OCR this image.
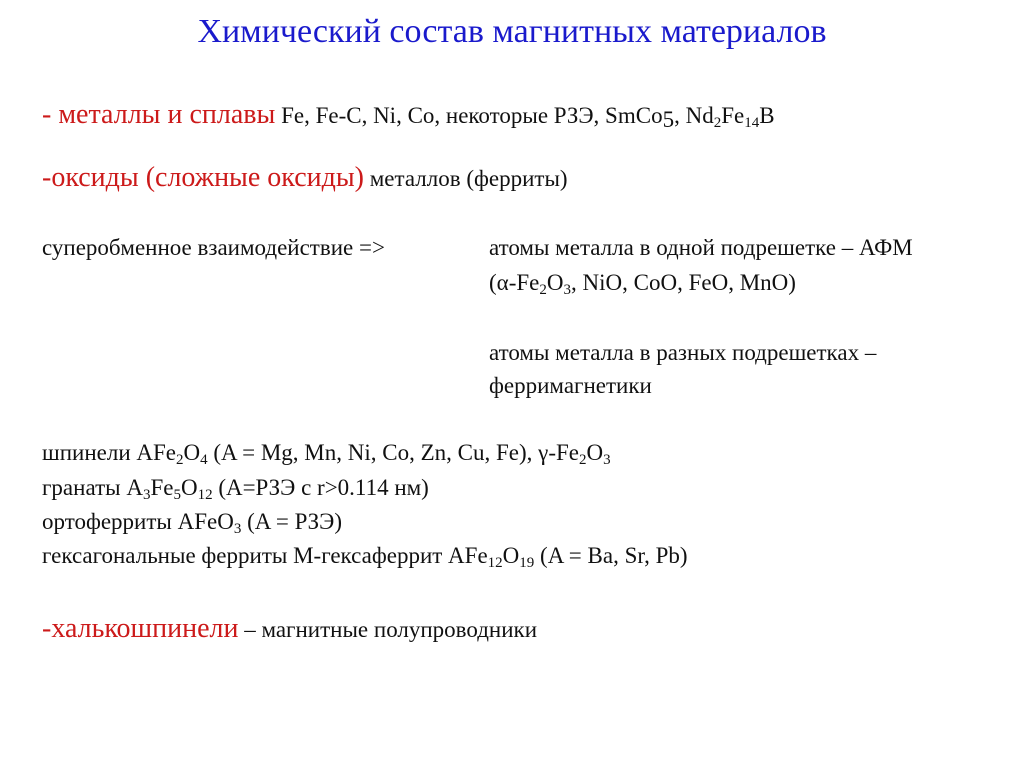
Химический состав магнитных материалов
- металлы и сплавы Fe, Fe-C, Ni, Co, некоторые РЗЭ, SmCo$_5$, $Nd_2Fe_{14}B$
-оксиды (сложные оксиды) металлов (ферриты)
суперобменное взаимодействие =>	атомы металла в одной подрешетке – АФМ
($\alpha-Fe_2O_3$, NiO, CoO, FeO, MnO)
атомы металла в разных подрешетках –
ферримагнетики
шпинели $AFe_2O_4$ (A = Mg, Mn, Ni, Co, Zn, Cu, Fe), $\gamma-Fe_2O_3$
гранаты $A_3Fe_5O_{12}$ (A=РЗЭ с r>0.114 нм)
ортоферриты AFeO$_3$ (A = РЗЭ)
гексагональные ферриты М-гексаферрит $AFe_{12}O_{19}$ (A = Ba, Sr, Pb)
-халькошпинели – магнитные полупроводники
